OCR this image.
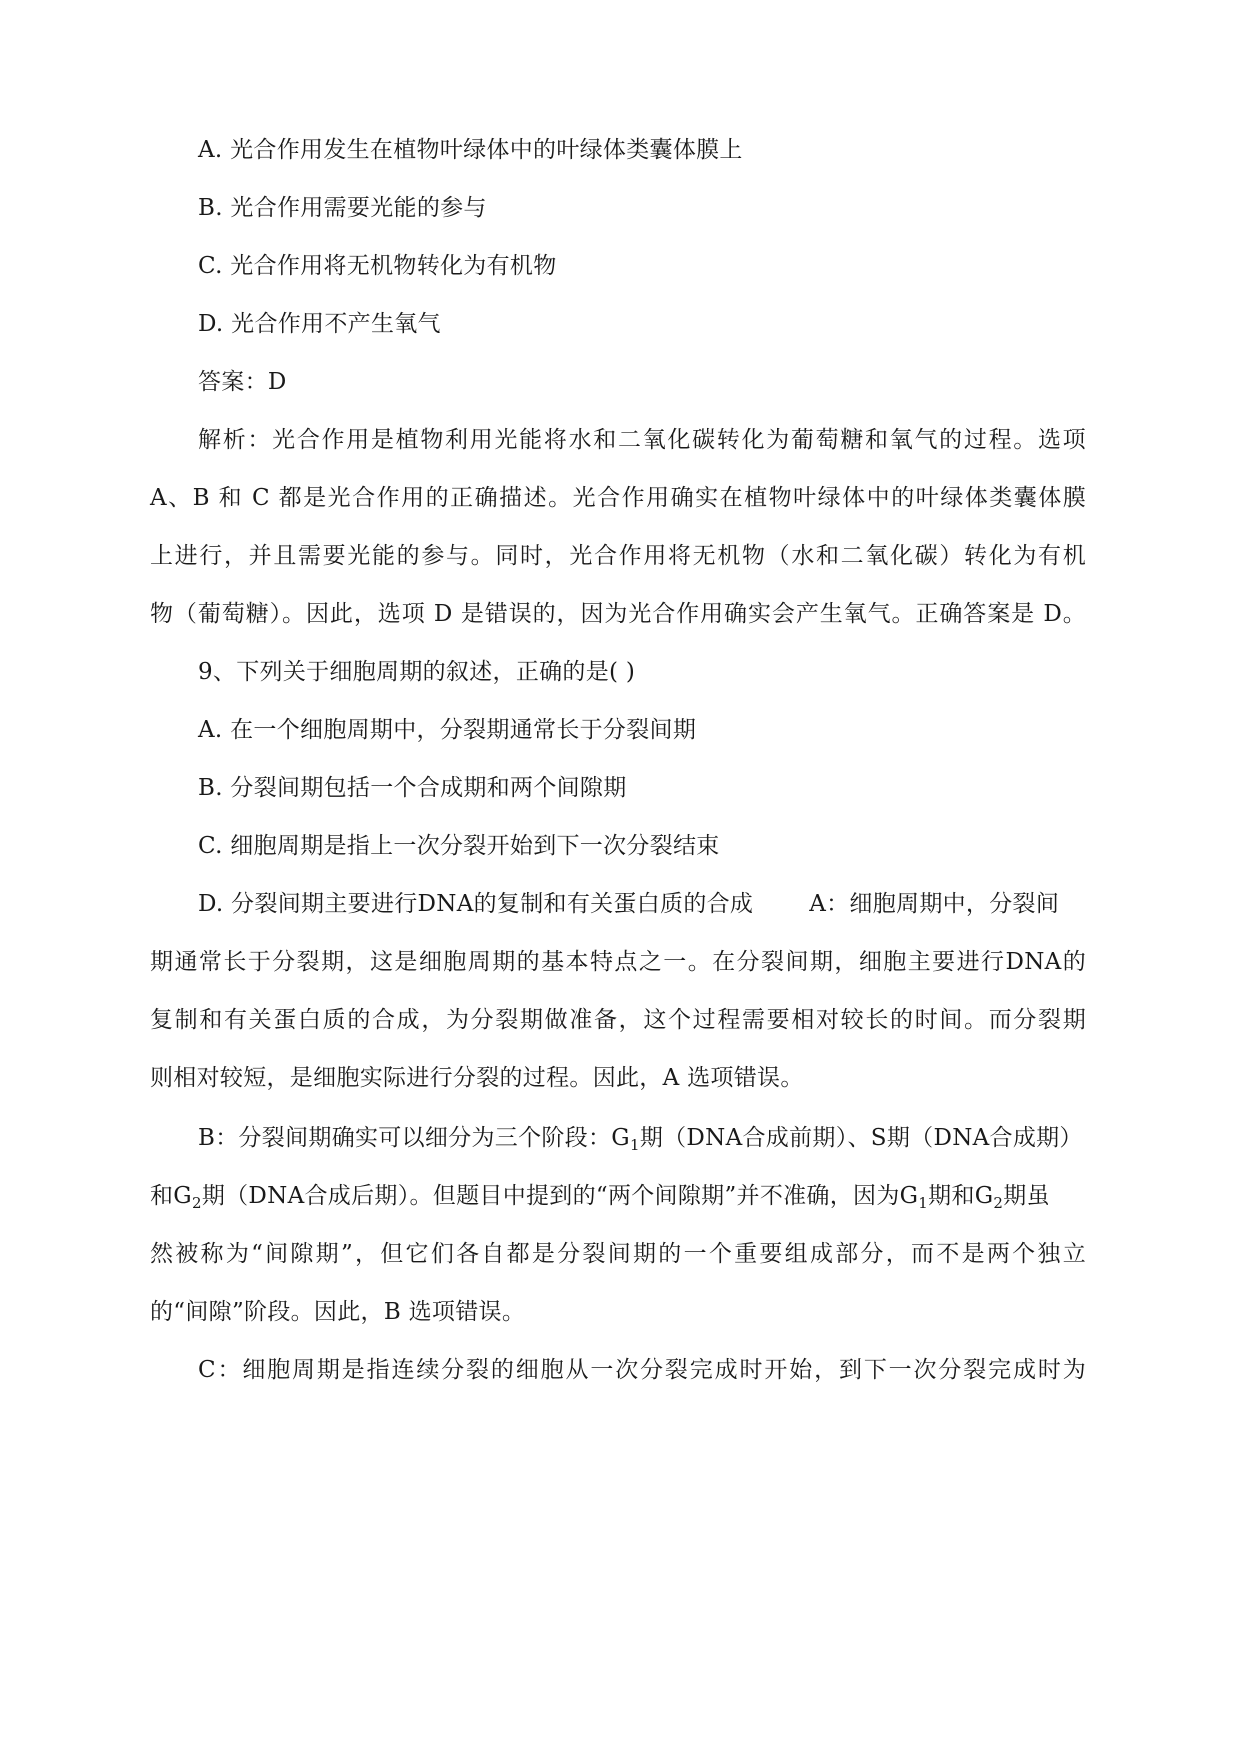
A. 光合作用发生在植物叶绿体中的叶绿体类囊体膜上

B. 光合作用需要光能的参与

C. 光合作用将无机物转化为有机物

D. 光合作用不产生氧气

答案：D

解析：光合作用是植物利用光能将水和二氧化碳转化为葡萄糖和氧气的过程。选项

A、B 和 C 都是光合作用的正确描述。光合作用确实在植物叶绿体中的叶绿体类囊体膜

上进行，并且需要光能的参与。同时，光合作用将无机物（水和二氧化碳）转化为有机

物（葡萄糖）。因此，选项 D 是错误的，因为光合作用确实会产生氧气。正确答案是 D。

9、下列关于细胞周期的叙述，正确的是( )

A. 在一个细胞周期中，分裂期通常长于分裂间期

B. 分裂间期包括一个合成期和两个间隙期

C. 细胞周期是指上一次分裂开始到下一次分裂结束

D. 分裂间期主要进行DNA的复制和有关蛋白质的合成 A：细胞周期中，分裂间

期通常长于分裂期，这是细胞周期的基本特点之一。在分裂间期，细胞主要进行DNA的

复制和有关蛋白质的合成，为分裂期做准备，这个过程需要相对较长的时间。而分裂期

则相对较短，是细胞实际进行分裂的过程。因此，A 选项错误。

B：分裂间期确实可以细分为三个阶段：$G_1$期（DNA合成前期）、S期（DNA合成期）

和$G_2$期（DNA合成后期）。但题目中提到的“两个间隙期”并不准确，因为$G_1$期和$G_2$期虽

然被称为“间隙期”，但它们各自都是分裂间期的一个重要组成部分，而不是两个独立

的“间隙”阶段。因此，B 选项错误。

C：细胞周期是指连续分裂的细胞从一次分裂完成时开始，到下一次分裂完成时为
